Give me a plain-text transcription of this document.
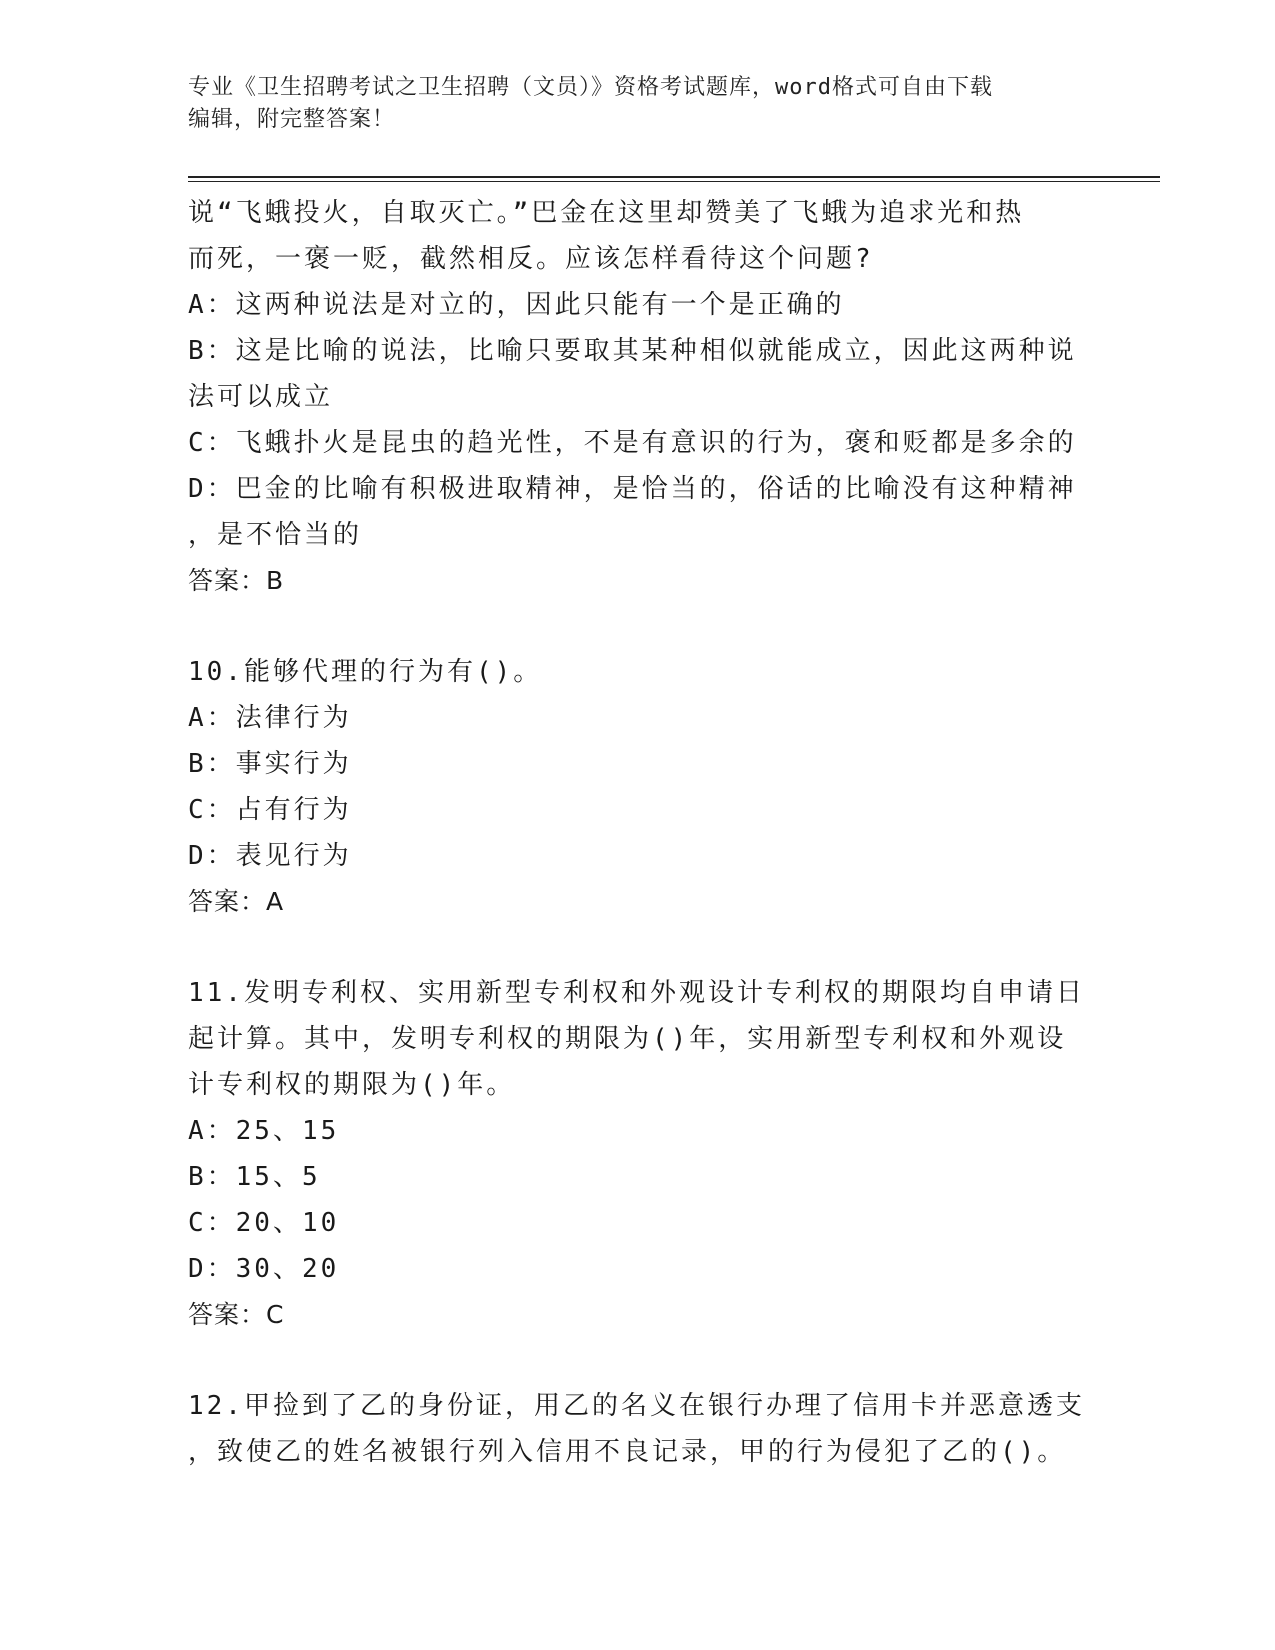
专业《卫生招聘考试之卫生招聘（文员）》资格考试题库，word格式可自由下载
编辑，附完整答案！
说“飞蛾投火，自取灭亡。”巴金在这里却赞美了飞蛾为追求光和热
而死，一褒一贬，截然相反。应该怎样看待这个问题?
A：这两种说法是对立的，因此只能有一个是正确的
B：这是比喻的说法，比喻只要取其某种相似就能成立，因此这两种说
法可以成立
C：飞蛾扑火是昆虫的趋光性，不是有意识的行为，褒和贬都是多余的
D：巴金的比喻有积极进取精神，是恰当的，俗话的比喻没有这种精神
，是不恰当的
答案：B
10.能够代理的行为有()。
A：法律行为
B：事实行为
C：占有行为
D：表见行为
答案：A
11.发明专利权、实用新型专利权和外观设计专利权的期限均自申请日
起计算。其中，发明专利权的期限为()年，实用新型专利权和外观设
计专利权的期限为()年。
A：25、15
B：15、5
C：20、10
D：30、20
答案：C
12.甲捡到了乙的身份证，用乙的名义在银行办理了信用卡并恶意透支
，致使乙的姓名被银行列入信用不良记录，甲的行为侵犯了乙的()。
